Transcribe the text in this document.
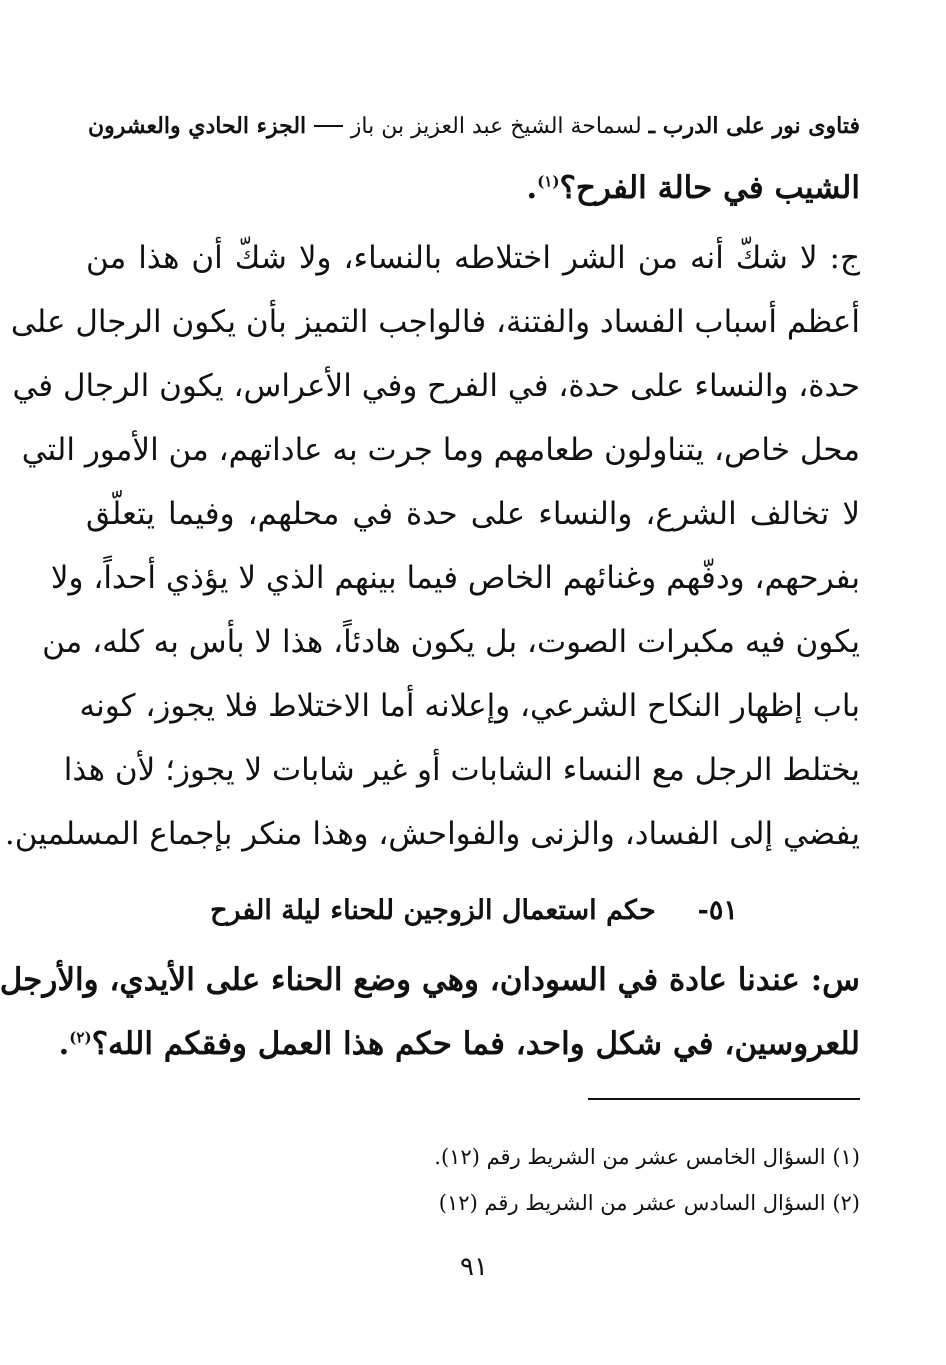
فتاوى نور على الدرب ـ

لسماحة الشيخ عبد العزيز بن باز
الجزء الحادي والعشرون
الشيب في حالة الفرح؟$^{(١)}$.
ج: لا شكّ أنه من الشر اختلاطه بالنساء، ولا شكّ أن هذا من
أعظم أسباب الفساد والفتنة، فالواجب التميز بأن يكون الرجال على
حدة، والنساء على حدة، في الفرح وفي الأعراس، يكون الرجال في
محل خاص، يتناولون طعامهم وما جرت به عاداتهم، من الأمور التي
لا تخالف الشرع، والنساء على حدة في محلهم، وفيما يتعلّق
بفرحهم، ودفّهم وغنائهم الخاص فيما بينهم الذي لا يؤذي أحداً، ولا
يكون فيه مكبرات الصوت، بل يكون هادئاً، هذا لا بأس به كله، من
باب إظهار النكاح الشرعي، وإعلانه أما الاختلاط فلا يجوز، كونه
يختلط الرجل مع النساء الشابات أو غير شابات لا يجوز؛ لأن هذا
يفضي إلى الفساد، والزنى والفواحش، وهذا منكر بإجماع المسلمين.
٥١-
حكم استعمال الزوجين للحناء ليلة الفرح
س: عندنا عادة في السودان، وهي وضع الحناء على الأيدي، والأرجل
للعروسين، في شكل واحد، فما حكم هذا العمل وفقكم الله؟$^{(٢)}$.
(١) السؤال الخامس عشر من الشريط رقم (١٢).
(٢) السؤال السادس عشر من الشريط رقم (١٢)
٩١
